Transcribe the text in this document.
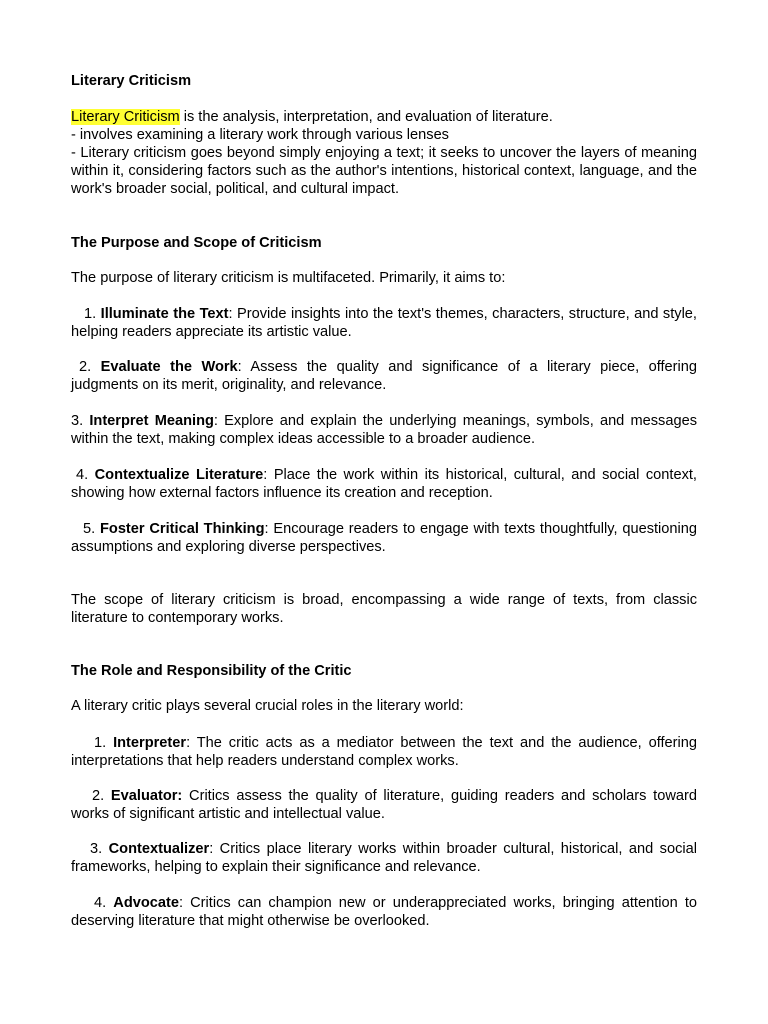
Literary Criticism

Literary Criticism is the analysis, interpretation, and evaluation of literature.

- involves examining a literary work through various lenses

- Literary criticism goes beyond simply enjoying a text; it seeks to uncover the layers of meaning within it, considering factors such as the author's intentions, historical context, language, and the work's broader social, political, and cultural impact.

The Purpose and Scope of Criticism

The purpose of literary criticism is multifaceted. Primarily, it aims to:

1. Illuminate the Text: Provide insights into the text's themes, characters, structure, and style, helping readers appreciate its artistic value.

2. Evaluate the Work: Assess the quality and significance of a literary piece, offering judgments on its merit, originality, and relevance.

3. Interpret Meaning: Explore and explain the underlying meanings, symbols, and messages within the text, making complex ideas accessible to a broader audience.

4. Contextualize Literature: Place the work within its historical, cultural, and social context, showing how external factors influence its creation and reception.

5. Foster Critical Thinking: Encourage readers to engage with texts thoughtfully, questioning assumptions and exploring diverse perspectives.

The scope of literary criticism is broad, encompassing a wide range of texts, from classic literature to contemporary works.

The Role and Responsibility of the Critic

A literary critic plays several crucial roles in the literary world:

1. Interpreter: The critic acts as a mediator between the text and the audience, offering interpretations that help readers understand complex works.

2. Evaluator: Critics assess the quality of literature, guiding readers and scholars toward works of significant artistic and intellectual value.

3. Contextualizer: Critics place literary works within broader cultural, historical, and social frameworks, helping to explain their significance and relevance.

4. Advocate: Critics can champion new or underappreciated works, bringing attention to deserving literature that might otherwise be overlooked.
